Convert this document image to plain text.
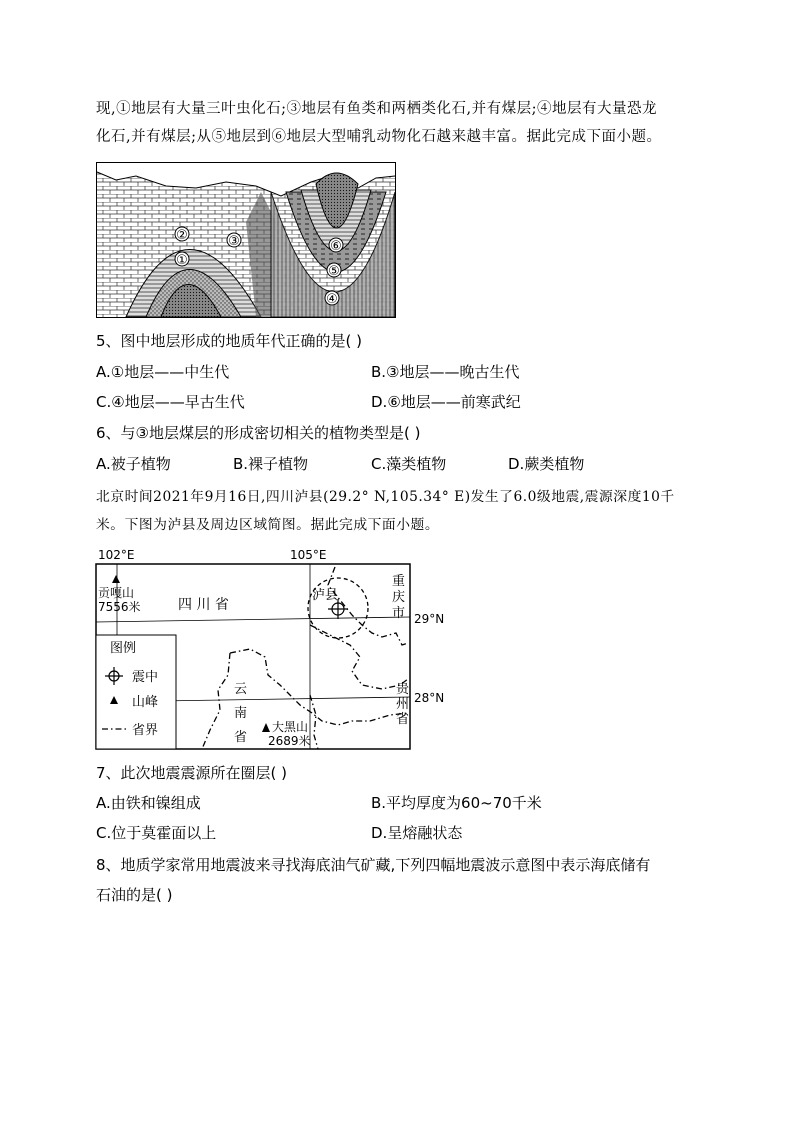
现,①地层有大量三叶虫化石;③地层有鱼类和两栖类化石,并有煤层;④地层有大量恐龙
化石,并有煤层;从⑤地层到⑥地层大型哺乳动物化石越来越丰富。据此完成下面小题。
②
①
③	⑥
⑤
④
5、图中地层形成的地质年代正确的是( )
A.①地层——中生代	B.③地层——晚古生代
C.④地层——早古生代	D.⑥地层——前寒武纪
6、与③地层煤层的形成密切相关的植物类型是( )
A.被子植物	B.裸子植物	C.藻类植物	D.蕨类植物
北京时间2021年9月16日,四川泸县(29.2° N,105.34° E)发生了6.0级地震,震源深度10千
米。下图为泸县及周边区域简图。据此完成下面小题。
102°E	105°E
29°N
28°N
泸县
贡嘎山
7556米	四 川 省
重
庆
市
云
南
省
贵
州
省
大黑山
2689米
图例
震中
山峰
省界
7、此次地震震源所在圈层( )
A.由铁和镍组成	B.平均厚度为60~70千米
C.位于莫霍面以上	D.呈熔融状态
8、地质学家常用地震波来寻找海底油气矿藏,下列四幅地震波示意图中表示海底储有
石油的是( )
